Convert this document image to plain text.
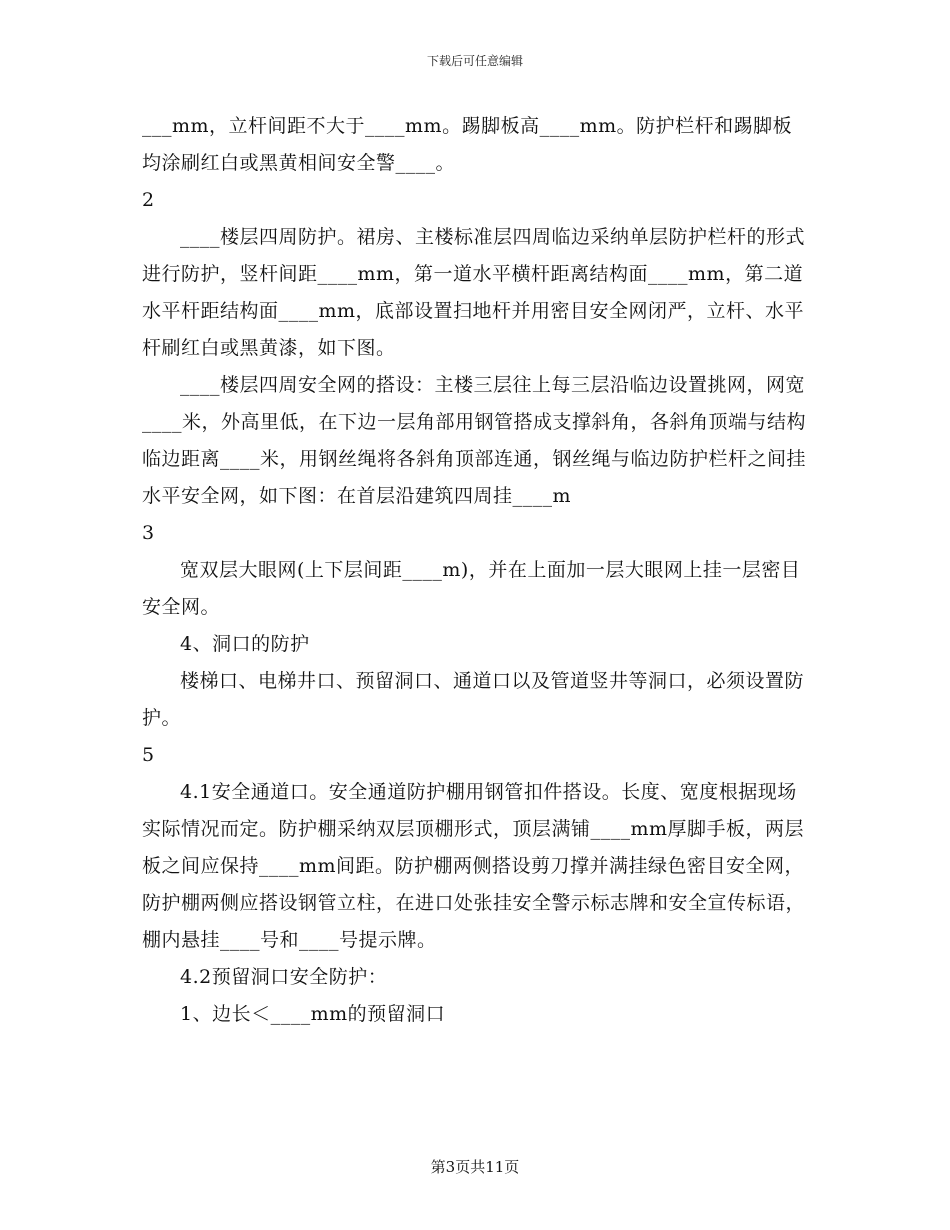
下载后可任意编辑

___mm，立杆间距不大于____mm。踢脚板高____mm。防护栏杆和踢脚板均涂刷红白或黑黄相间安全警____。

2

____楼层四周防护。裙房、主楼标准层四周临边采纳单层防护栏杆的形式进行防护，竖杆间距____mm，第一道水平横杆距离结构面____mm，第二道水平杆距结构面____mm，底部设置扫地杆并用密目安全网闭严，立杆、水平杆刷红白或黑黄漆，如下图。

____楼层四周安全网的搭设：主楼三层往上每三层沿临边设置挑网，网宽____米，外高里低，在下边一层角部用钢管搭成支撑斜角，各斜角顶端与结构临边距离____米，用钢丝绳将各斜角顶部连通，钢丝绳与临边防护栏杆之间挂水平安全网，如下图：在首层沿建筑四周挂____m

3

宽双层大眼网(上下层间距____m)，并在上面加一层大眼网上挂一层密目安全网。

4、洞口的防护

楼梯口、电梯井口、预留洞口、通道口以及管道竖井等洞口，必须设置防护。

5

4.1安全通道口。安全通道防护棚用钢管扣件搭设。长度、宽度根据现场实际情况而定。防护棚采纳双层顶棚形式，顶层满铺____mm厚脚手板，两层板之间应保持____mm间距。防护棚两侧搭设剪刀撑并满挂绿色密目安全网，防护棚两侧应搭设钢管立柱，在进口处张挂安全警示标志牌和安全宣传标语，棚内悬挂____号和____号提示牌。

4.2预留洞口安全防护：

1、边长＜____mm的预留洞口

第3页共11页
